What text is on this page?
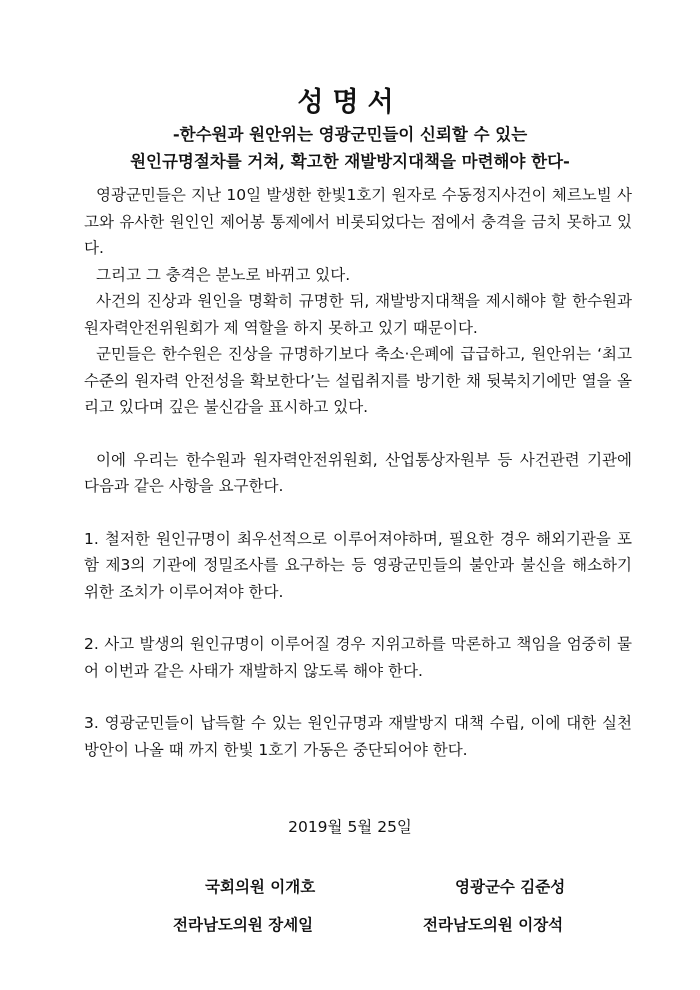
성명서

-한수원과 원안위는 영광군민들이 신뢰할 수 있는

원인규명절차를 거쳐, 확고한 재발방지대책을 마련해야 한다-

영광군민들은 지난 10일 발생한 한빛1호기 원자로 수동정지사건이 체르노빌 사고와 유사한 원인인 제어봉 통제에서 비롯되었다는 점에서 충격을 금치 못하고 있다.

그리고 그 충격은 분노로 바뀌고 있다.

사건의 진상과 원인을 명확히 규명한 뒤, 재발방지대책을 제시해야 할 한수원과 원자력안전위원회가 제 역할을 하지 못하고 있기 때문이다.

군민들은 한수원은 진상을 규명하기보다 축소·은폐에 급급하고, 원안위는 ‘최고 수준의 원자력 안전성을 확보한다’는 설립취지를 방기한 채 뒷북치기에만 열을 올리고 있다며 깊은 불신감을 표시하고 있다.

이에 우리는 한수원과 원자력안전위원회, 산업통상자원부 등 사건관련 기관에 다음과 같은 사항을 요구한다.

1. 철저한 원인규명이 최우선적으로 이루어져야하며, 필요한 경우 해외기관을 포함 제3의 기관에 정밀조사를 요구하는 등 영광군민들의 불안과 불신을 해소하기 위한 조치가 이루어져야 한다.

2. 사고 발생의 원인규명이 이루어질 경우 지위고하를 막론하고 책임을 엄중히 물어 이번과 같은 사태가 재발하지 않도록 해야 한다.

3. 영광군민들이 납득할 수 있는 원인규명과 재발방지 대책 수립, 이에 대한 실천방안이 나올 때 까지 한빛 1호기 가동은 중단되어야 한다.

2019월 5월 25일

국회의원 이개호	영광군수 김준성

전라남도의원 장세일	전라남도의원 이장석
